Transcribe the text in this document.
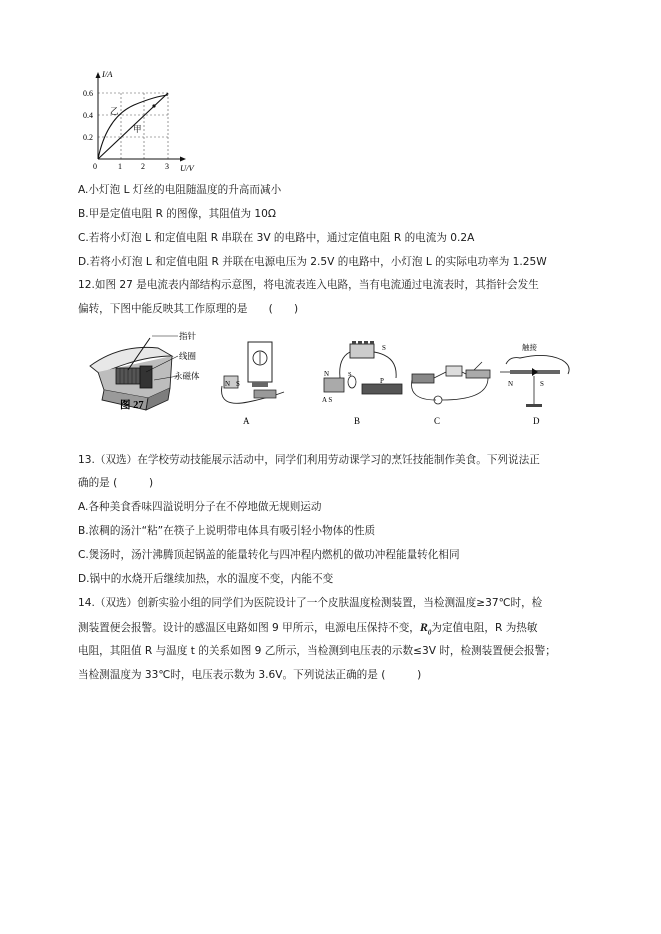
I/A
U/V
0
0.6
0.4
0.2
1 2	3
乙
甲
A.小灯泡 L 灯丝的电阻随温度的升高而减小
B.甲是定值电阻 R 的图像，其阻值为 10Ω
C.若将小灯泡 L 和定值电阻 R 串联在 3V 的电路中，通过定值电阻 R 的电流为 0.2A
D.若将小灯泡 L 和定值电阻 R 并联在电源电压为 2.5V 的电路中，小灯泡 L 的实际电功率为 1.25W
12.如图 27 是电流表内部结构示意图，将电流表连入电路，当有电流通过电流表时，其指针会发生
偏转，下图中能反映其工作原理的是　　(　　)
指针
线圈
永磁体
图 27
N S
A
S
N	S
P
A S
B	C
触接
N	S
D
13.（双选）在学校劳动技能展示活动中，同学们利用劳动课学习的烹饪技能制作美食。下列说法正
确的是 (　　　)
A.各种美食香味四溢说明分子在不停地做无规则运动
B.浓稠的汤汁“粘”在筷子上说明带电体具有吸引轻小物体的性质
C.煲汤时，汤汁沸腾顶起锅盖的能量转化与四冲程内燃机的做功冲程能量转化相同
D.锅中的水烧开后继续加热，水的温度不变，内能不变
14.（双选）创新实验小组的同学们为医院设计了一个皮肤温度检测装置，当检测温度≥37℃时，检
测装置便会报警。设计的感温区电路如图 9 甲所示，电源电压保持不变，$R_0$为定值电阻，R 为热敏
电阻，其阻值 R 与温度 t 的关系如图 9 乙所示，当检测到电压表的示数≤3V 时，检测装置便会报警；
当检测温度为 33℃时，电压表示数为 3.6V。下列说法正确的是 (　　　)
